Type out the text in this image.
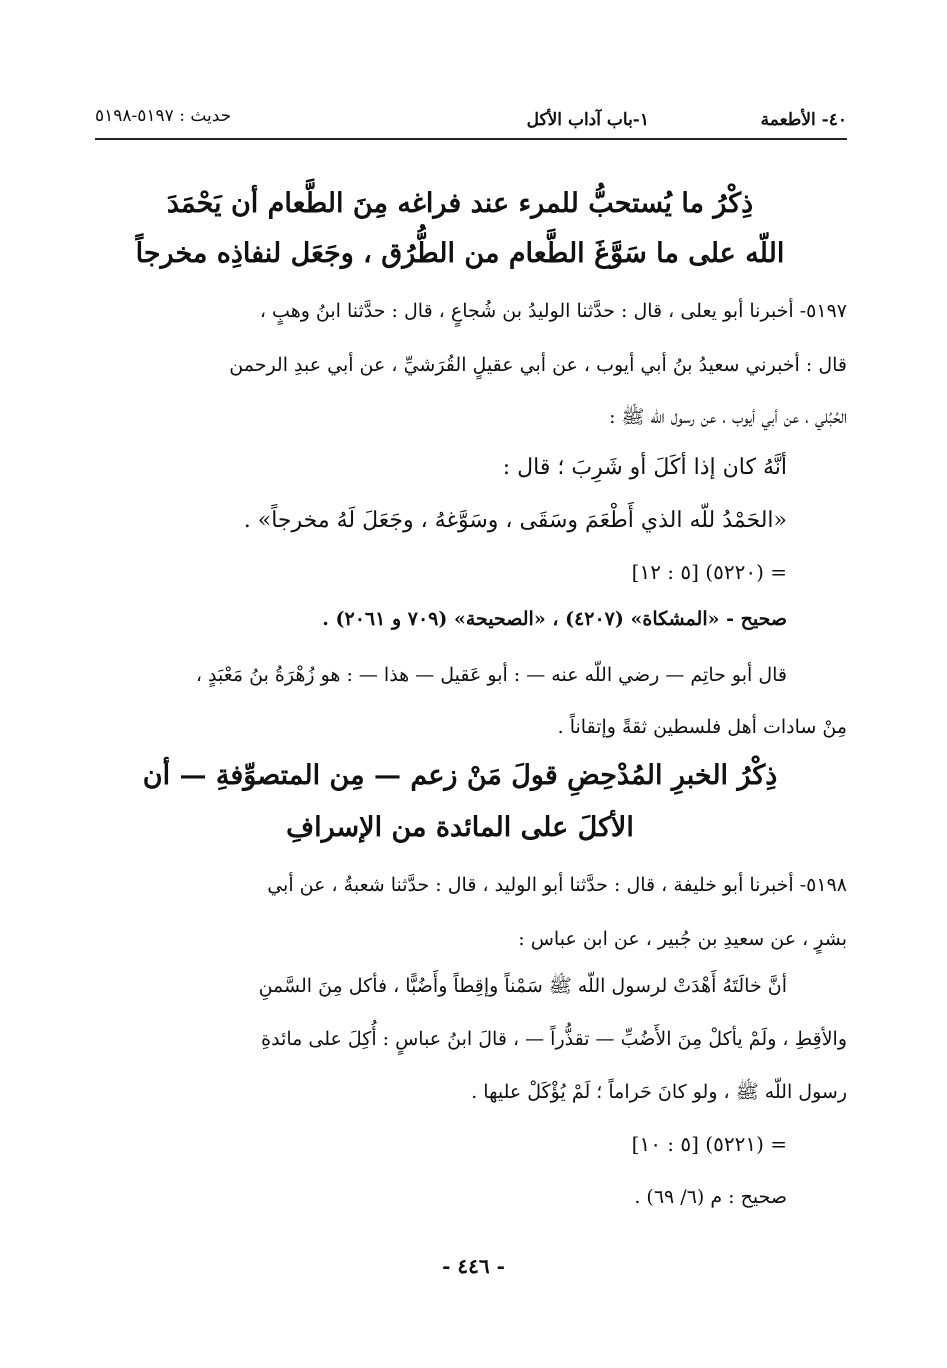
٤٠- الأطعمة
١-باب آداب الأكل
حديث : ٥١٩٧-٥١٩٨
ذِكْرُ ما يُستحبُّ للمرء عند فراغه مِنَ الطَّعام أن يَحْمَدَ
اللّه على ما سَوَّغَ الطَّعام من الطُّرُق ، وجَعَل لنفاذِه مخرجاً
٥١٩٧- أخبرنا أبو يعلى ، قال : حدَّثنا الوليدُ بن شُجاعٍ ، قال : حدَّثنا ابنُ وهبٍ ،
قال : أخبرني سعيدُ بنُ أبي أيوب ، عن أبي عقيلٍ القُرَشيِّ ، عن أبي عبدِ الرحمن
الحُبُلي ، عن أبي أيوب ، عن رسول اللّه ﷺ :
أنَّهُ كان إذا أكَلَ أو شَرِبَ ؛ قال :
«الحَمْدُ للّه الذي أَطْعَمَ وسَقَى ، وسَوَّغهُ ، وجَعَلَ لَهُ مخرجاً» .
= (٥٢٢٠) [٥ : ١٢]
صحيح - «المشكاة» (٤٢٠٧) ، «الصحيحة» (٧٠٩ و ٢٠٦١) .
قال أبو حاتِم — رضي اللّه عنه — : أبو عَقيل — هذا — : هو زُهْرَةُ بنُ مَعْبَدٍ ،
مِنْ سادات أهل فلسطين ثقةً وإتقاناً .
ذِكْرُ الخبرِ المُدْحِضِ قولَ مَنْ زعم — مِن المتصوِّفةِ — أن
الأكلَ على المائدة من الإسرافِ
٥١٩٨- أخبرنا أبو خليفة ، قال : حدَّثنا أبو الوليد ، قال : حدَّثنا شعبةُ ، عن أبي
بشرٍ ، عن سعيدِ بن جُبير ، عن ابن عباس :
أنَّ خالَتَهُ أَهْدَتْ لرسول اللّه ﷺ سَمْناً وإقِطاً وأَضُبًّا ، فأكل مِنَ السَّمنِ
والأقِطِ ، ولَمْ يأكلْ مِنَ الأَضُبِّ — تقذُّراً — ، قالَ ابنُ عباسٍ : أُكِلَ على مائدةِ
رسول اللّه ﷺ ، ولو كانَ حَراماً ؛ لَمْ يُؤْكَلْ عليها .
= (٥٢٢١) [٥ : ١٠]
صحيح : م (٦/ ٦٩) .
- ٤٤٦ -
